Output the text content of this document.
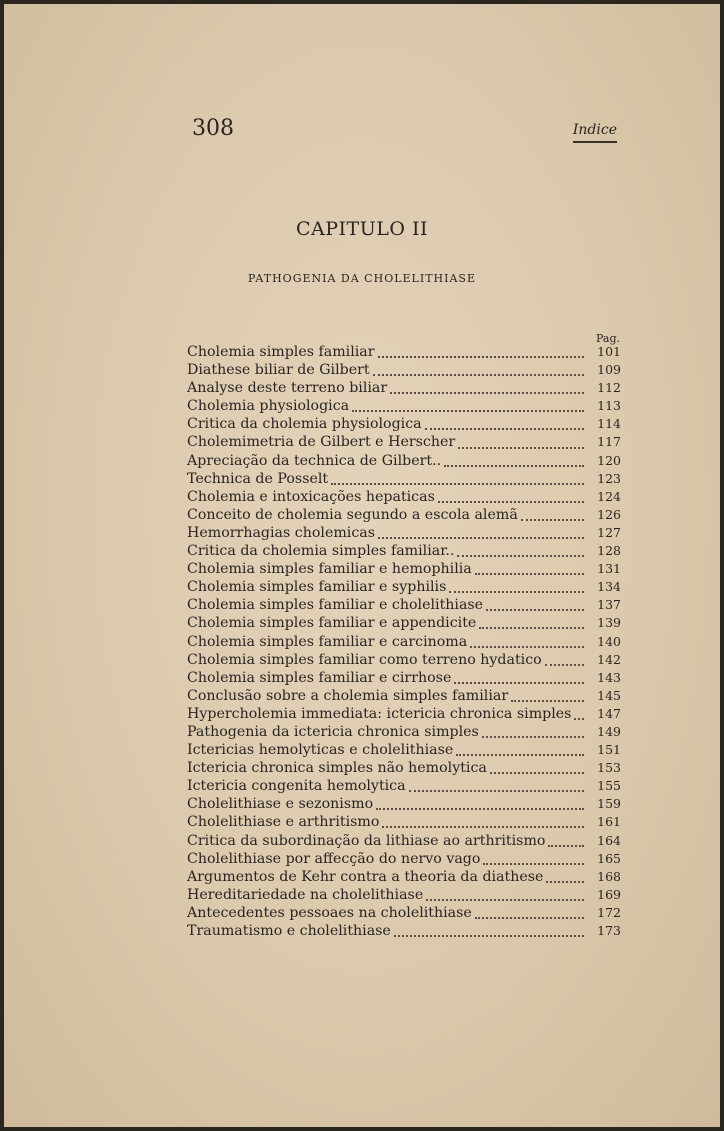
308	Indice
CAPITULO II
PATHOGENIA DA CHOLELITHIASE
Pag.
Cholemia simples familiar	101
Diathese biliar de Gilbert	109
Analyse deste terreno biliar	112
Cholemia physiologica	113
Critica da cholemia physiologica	114
Cholemimetria de Gilbert e Herscher	117
Apreciação da technica de Gilbert..	120
Technica de Posselt	123
Cholemia e intoxicações hepaticas	124
Conceito de cholemia segundo a escola alemã	126
Hemorrhagias cholemicas	127
Critica da cholemia simples familiar..	128
Cholemia simples familiar e hemophilia	131
Cholemia simples familiar e syphilis	134
Cholemia simples familiar e cholelithiase	137
Cholemia simples familiar e appendicite	139
Cholemia simples familiar e carcinoma	140
Cholemia simples familiar como terreno hydatico	142
Cholemia simples familiar e cirrhose	143
Conclusão sobre a cholemia simples familiar	145
Hypercholemia immediata: ictericia chronica simples	147
Pathogenia da ictericia chronica simples	149
Ictericias hemolyticas e cholelithiase	151
Ictericia chronica simples não hemolytica	153
Ictericia congenita hemolytica	155
Cholelithiase e sezonismo	159
Cholelithiase e arthritismo	161
Critica da subordinação da lithiase ao arthritismo	164
Cholelithiase por affecção do nervo vago	165
Argumentos de Kehr contra a theoria da diathese	168
Hereditariedade na cholelithiase	169
Antecedentes pessoaes na cholelithiase	172
Traumatismo e cholelithiase	173
